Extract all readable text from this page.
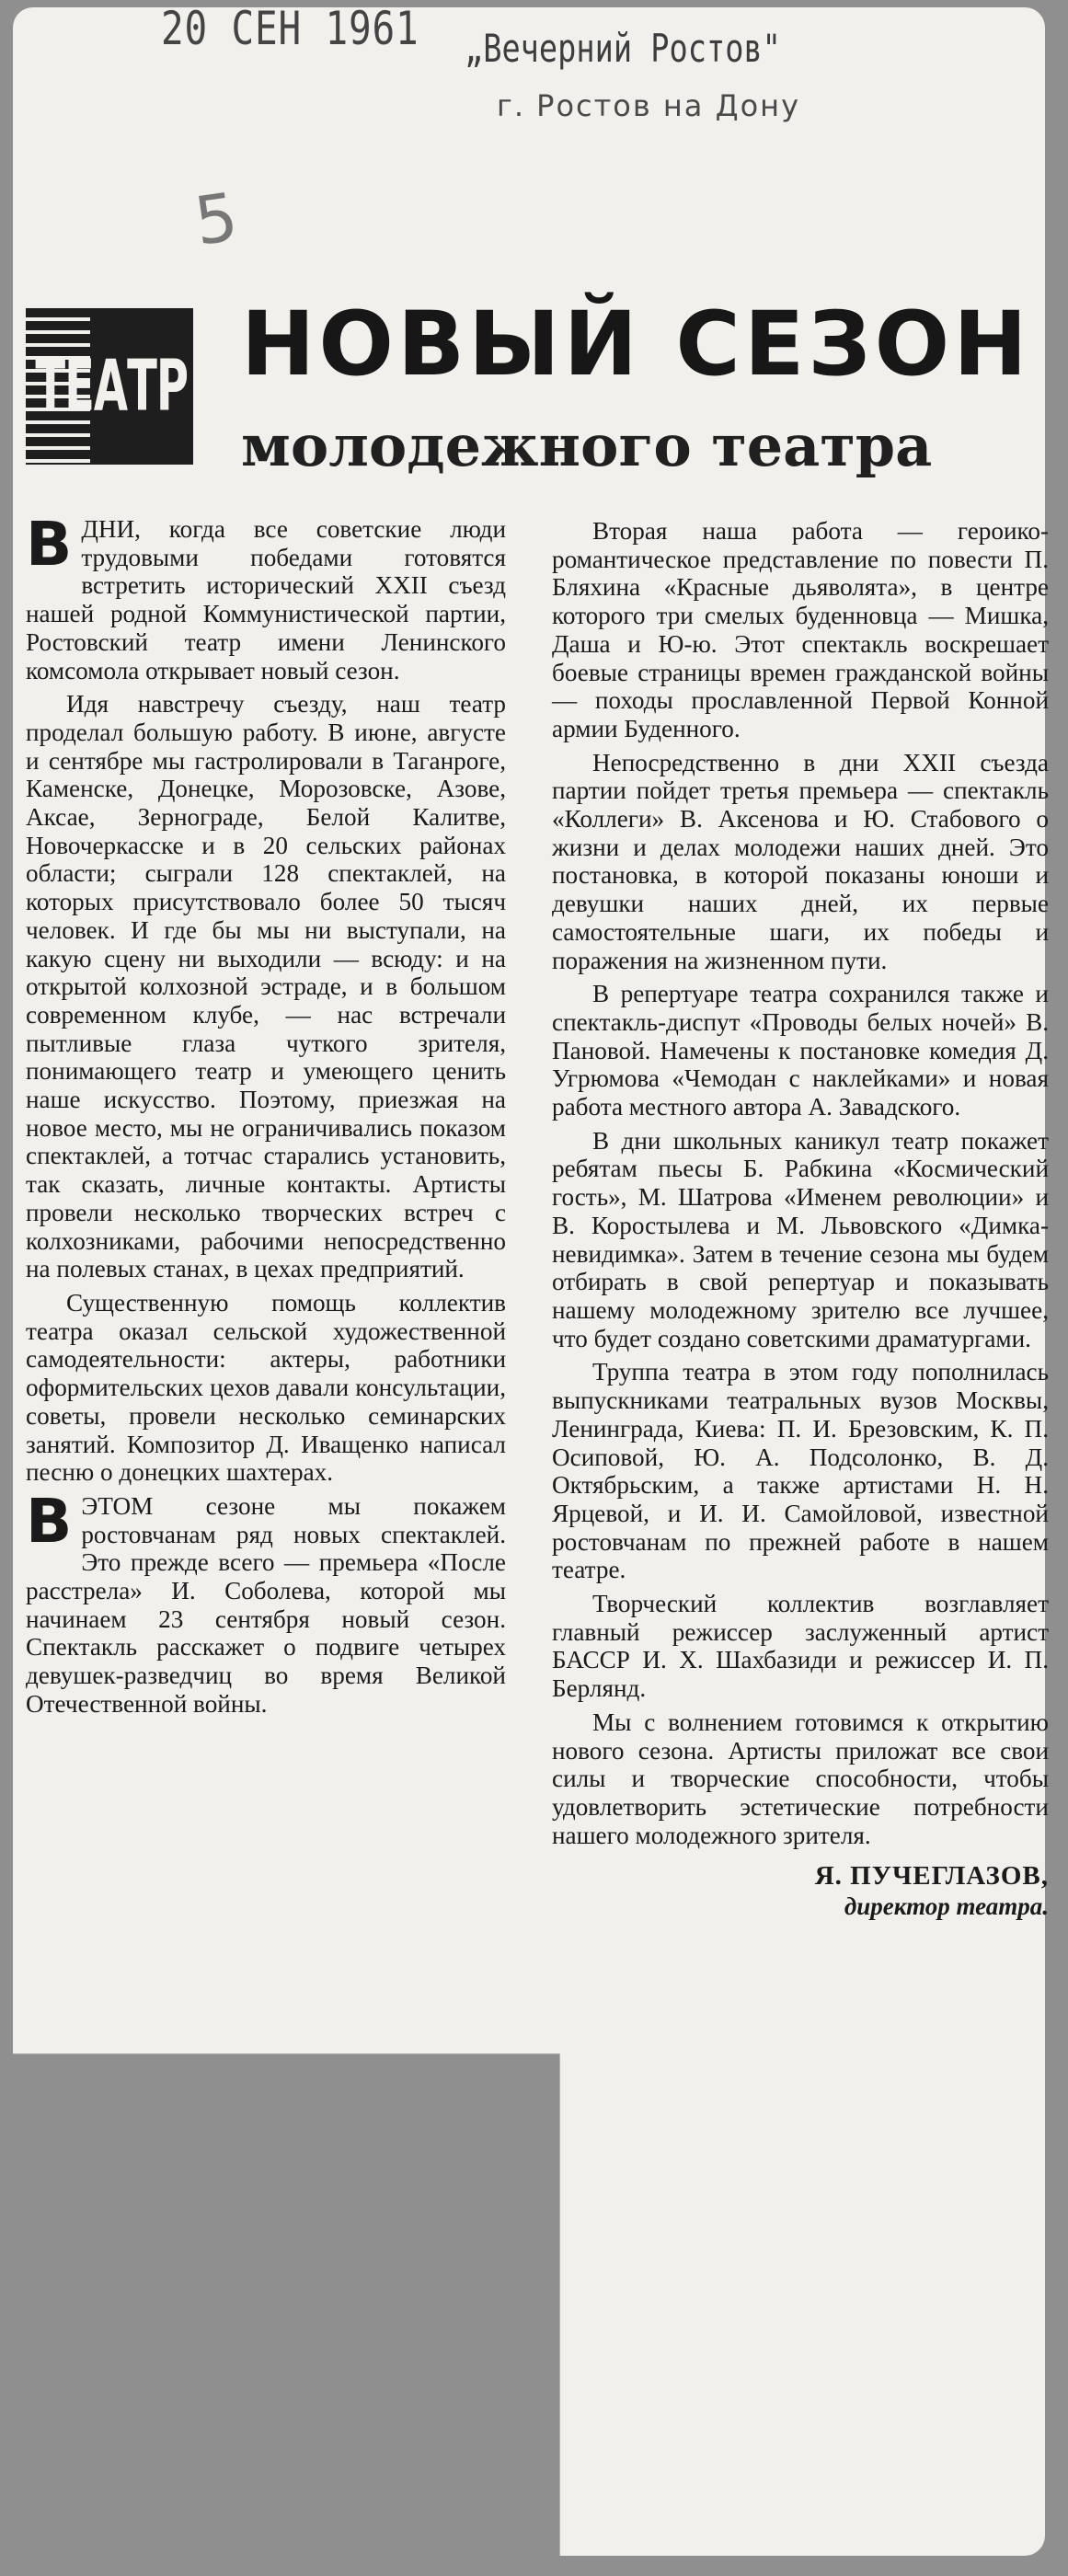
20 СЕН 1961 „Вечерний Ростов"
г. Ростов на Дону
5
ТЕАТР НОВЫЙ СЕЗОН
молодежного театра

ВДНИ, когда все советские люди трудовыми победами готовятся встретить исторический XXII съезд нашей родной Коммунистической партии, Ростовский театр имени Ленинского комсомола открывает новый сезон.

Идя навстречу съезду, наш театр проделал большую работу. В июне, августе и сентябре мы гастролировали в Таганроге, Каменске, Донецке, Морозовске, Азове, Аксае, Зернограде, Белой Калитве, Новочеркасске и в 20 сельских районах области; сыграли 128 спектаклей, на которых присутствовало более 50 тысяч человек. И где бы мы ни выступали, на какую сцену ни выходили — всюду: и на открытой колхозной эстраде, и в большом современном клубе, — нас встречали пытливые глаза чуткого зрителя, понимающего театр и умеющего ценить наше искусство. Поэтому, приезжая на новое место, мы не ограничивались показом спектаклей, а тотчас старались установить, так сказать, личные контакты. Артисты провели несколько творческих встреч с колхозниками, рабочими непосредственно на полевых станах, в цехах предприятий.

Существенную помощь коллектив театра оказал сельской художественной самодеятельности: актеры, работники оформительских цехов давали консультации, советы, провели несколько семинарских занятий. Композитор Д. Иващенко написал песню о донецких шахтерах.

ВЭТОМ сезоне мы покажем ростовчанам ряд новых спектаклей. Это прежде всего — премьера «После расстрела» И. Соболева, которой мы начинаем 23 сентября новый сезон. Спектакль расскажет о подвиге четырех девушек-разведчиц во время Великой Отечественной войны.

Вторая наша работа — героико-романтическое представление по повести П. Бляхина «Красные дьяволята», в центре которого три смелых буденновца — Мишка, Даша и Ю-ю. Этот спектакль воскрешает боевые страницы времен гражданской войны — походы прославленной Первой Конной армии Буденного.

Непосредственно в дни XXII съезда партии пойдет третья премьера — спектакль «Коллеги» В. Аксенова и Ю. Стабового о жизни и делах молодежи наших дней. Это постановка, в которой показаны юноши и девушки наших дней, их первые самостоятельные шаги, их победы и поражения на жизненном пути.

В репертуаре театра сохранился также и спектакль-диспут «Проводы белых ночей» В. Пановой. Намечены к постановке комедия Д. Угрюмова «Чемодан с наклейками» и новая работа местного автора А. Завадского.

В дни школьных каникул театр покажет ребятам пьесы Б. Рабкина «Космический гость», М. Шатрова «Именем революции» и В. Коростылева и М. Львовского «Димка-невидимка». Затем в течение сезона мы будем отбирать в свой репертуар и показывать нашему молодежному зрителю все лучшее, что будет создано советскими драматургами.

Труппа театра в этом году пополнилась выпускниками театральных вузов Москвы, Ленинграда, Киева: П. И. Брезовским, К. П. Осиповой, Ю. А. Подсолонко, В. Д. Октябрьским, а также артистами Н. Н. Ярцевой, и И. И. Самойловой, известной ростовчанам по прежней работе в нашем театре.

Творческий коллектив возглавляет главный режиссер заслуженный артист БАССР И. Х. Шахбазиди и режиссер И. П. Берлянд.

Мы с волнением готовимся к открытию нового сезона. Артисты приложат все свои силы и творческие способности, чтобы удовлетворить эстетические потребности нашего молодежного зрителя.

Я. ПУЧЕГЛАЗОВ,
директор театра.
